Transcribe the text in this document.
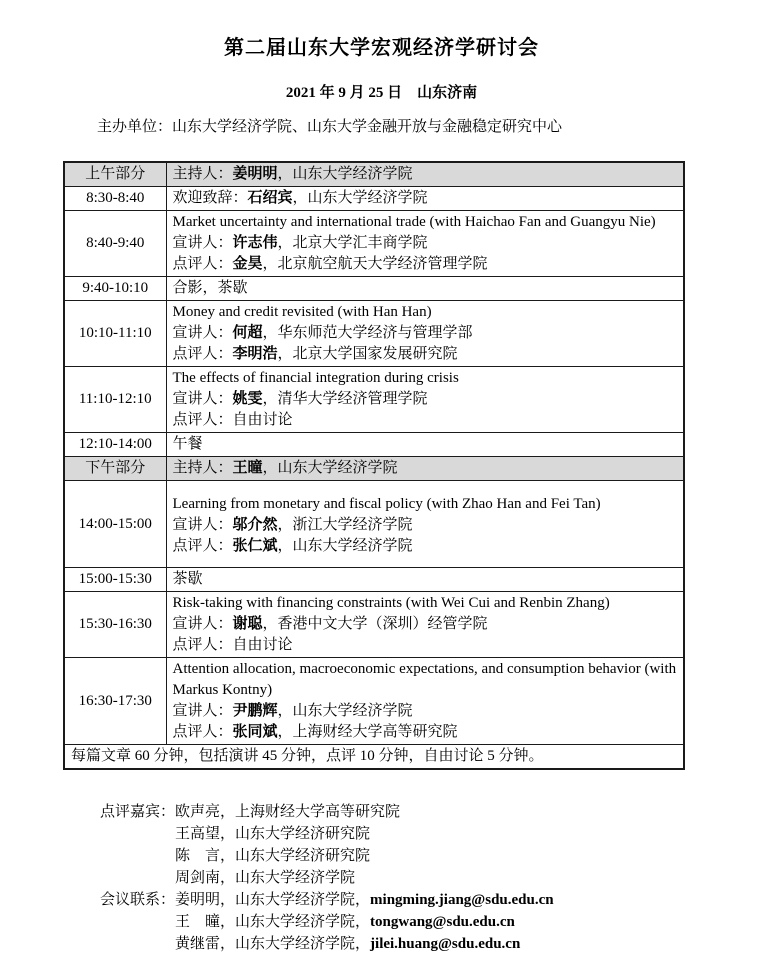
第二届山东大学宏观经济学研讨会
2021 年 9 月 25 日　山东济南
主办单位：山东大学经济学院、山东大学金融开放与金融稳定研究中心
上午部分	主持人：姜明明，山东大学经济学院

8:30-8:40	欢迎致辞：石绍宾，山东大学经济学院

8:40-9:40	Market uncertainty and international trade (with Haichao Fan and Guangyu Nie)
宣讲人：许志伟，北京大学汇丰商学院
点评人：金昊，北京航空航天大学经济管理学院

9:40-10:10	合影，茶歇

10:10-11:10	Money and credit revisited (with Han Han)
宣讲人：何超，华东师范大学经济与管理学部
点评人：李明浩，北京大学国家发展研究院

11:10-12:10	The effects of financial integration during crisis
宣讲人：姚雯，清华大学经济管理学院
点评人：自由讨论

12:10-14:00	午餐

下午部分	主持人：王曈，山东大学经济学院

14:00-15:00	Learning from monetary and fiscal policy (with Zhao Han and Fei Tan)
宣讲人：邬介然，浙江大学经济学院
点评人：张仁斌，山东大学经济学院

15:00-15:30	茶歇

15:30-16:30	Risk-taking with financing constraints (with Wei Cui and Renbin Zhang)
宣讲人：谢聪，香港中文大学（深圳）经管学院
点评人：自由讨论

16:30-17:30	Attention allocation, macroeconomic expectations, and consumption behavior (with Markus Kontny)
宣讲人：尹鹏辉，山东大学经济学院
点评人：张同斌，上海财经大学高等研究院

每篇文章 60 分钟，包括演讲 45 分钟，点评 10 分钟，自由讨论 5 分钟。	
点评嘉宾： 欧声亮，上海财经大学高等研究院
王高望，山东大学经济研究院
陈　言，山东大学经济研究院
周剑南，山东大学经济学院
会议联系： 姜明明，山东大学经济学院，mingming.jiang@sdu.edu.cn
王　曈，山东大学经济学院，tongwang@sdu.edu.cn
黄继雷，山东大学经济学院，jilei.huang@sdu.edu.cn
